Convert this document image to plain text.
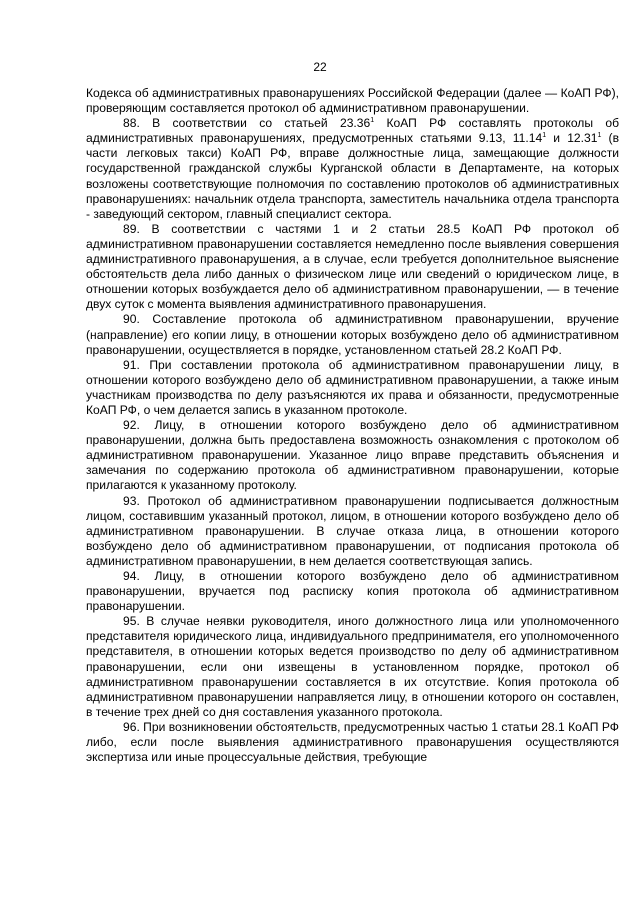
22

Кодекса об административных правонарушениях Российской Федерации (далее — КоАП РФ), проверяющим составляется протокол об административном правонарушении.

88. В соответствии со статьей 23.36$^1$ КоАП РФ составлять протоколы об административных правонарушениях, предусмотренных статьями 9.13, 11.14$^1$ и 12.31$^1$ (в части легковых такси) КоАП РФ, вправе должностные лица, замещающие должности государственной гражданской службы Курганской области в Департаменте, на которых возложены соответствующие полномочия по составлению протоколов об административных правонарушениях: начальник отдела транспорта, заместитель начальника отдела транспорта - заведующий сектором, главный специалист сектора.

89. В соответствии с частями 1 и 2 статьи 28.5 КоАП РФ протокол об административном правонарушении составляется немедленно после выявления совершения административного правонарушения, а в случае, если требуется дополнительное выяснение обстоятельств дела либо данных о физическом лице или сведений о юридическом лице, в отношении которых возбуждается дело об административном правонарушении, — в течение двух суток с момента выявления административного правонарушения.

90. Составление протокола об административном правонарушении, вручение (направление) его копии лицу, в отношении которых возбуждено дело об административном правонарушении, осуществляется в порядке, установленном статьей 28.2 КоАП РФ.

91. При составлении протокола об административном правонарушении лицу, в отношении которого возбуждено дело об административном правонарушении, а также иным участникам производства по делу разъясняются их права и обязанности, предусмотренные КоАП РФ, о чем делается запись в указанном протоколе.

92. Лицу, в отношении которого возбуждено дело об административном правонарушении, должна быть предоставлена возможность ознакомления с протоколом об административном правонарушении. Указанное лицо вправе представить объяснения и замечания по содержанию протокола об административном правонарушении, которые прилагаются к указанному протоколу.

93. Протокол об административном правонарушении подписывается должностным лицом, составившим указанный протокол, лицом, в отношении которого возбуждено дело об административном правонарушении. В случае отказа лица, в отношении которого возбуждено дело об административном правонарушении, от подписания протокола об административном правонарушении, в нем делается соответствующая запись.

94. Лицу, в отношении которого возбуждено дело об административном правонарушении, вручается под расписку копия протокола об административном правонарушении.

95. В случае неявки руководителя, иного должностного лица или уполномоченного представителя юридического лица, индивидуального предпринимателя, его уполномоченного представителя, в отношении которых ведется производство по делу об административном правонарушении, если они извещены в установленном порядке, протокол об административном правонарушении составляется в их отсутствие. Копия протокола об административном правонарушении направляется лицу, в отношении которого он составлен, в течение трех дней со дня составления указанного протокола.

96. При возникновении обстоятельств, предусмотренных частью 1 статьи 28.1 КоАП РФ либо, если после выявления административного правонарушения осуществляются экспертиза или иные процессуальные действия, требующие
